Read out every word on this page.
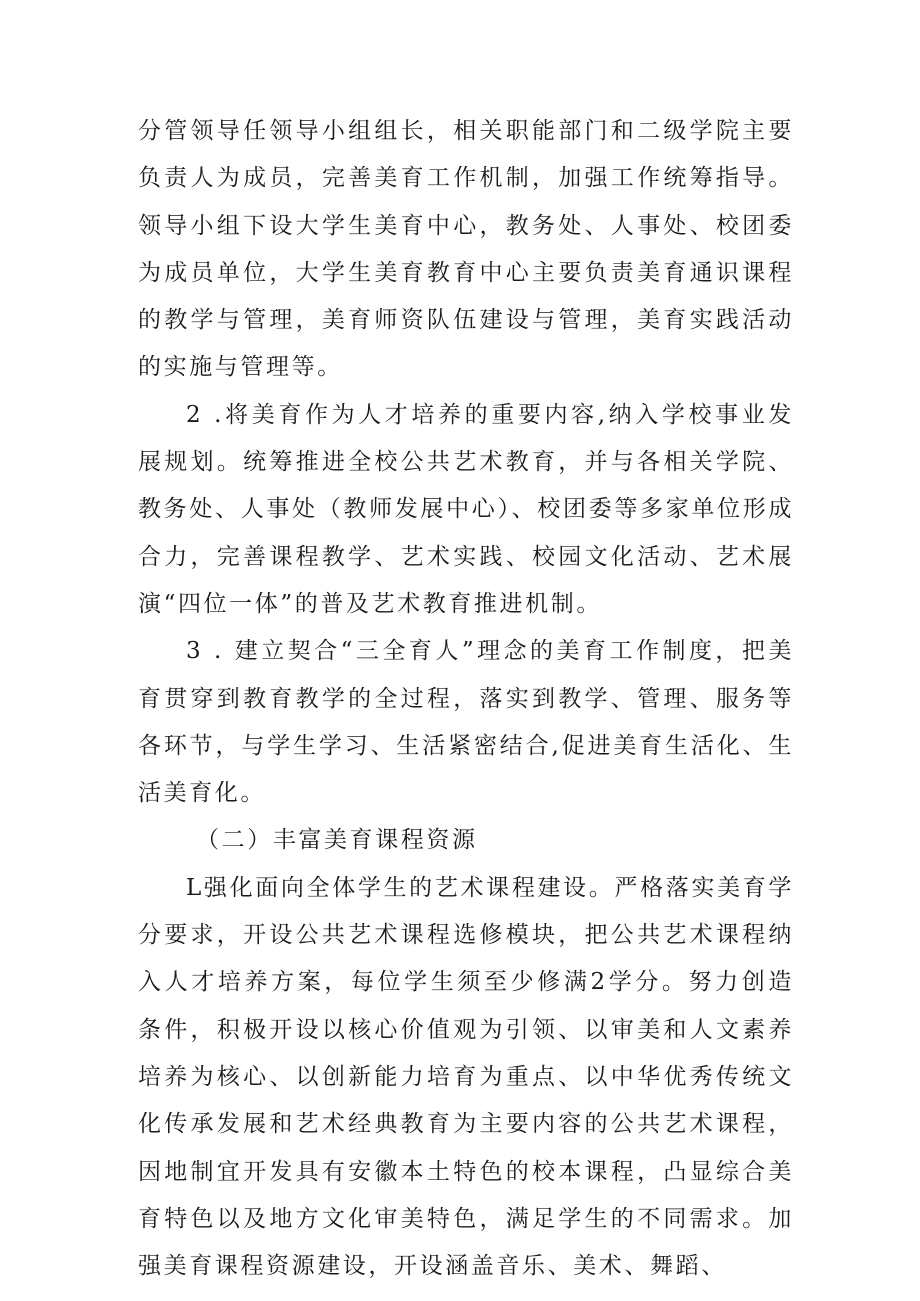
分管领导任领导小组组长，相关职能部门和二级学院主要负责人为成员，完善美育工作机制，加强工作统筹指导。领导小组下设大学生美育中心，教务处、人事处、校团委为成员单位，大学生美育教育中心主要负责美育通识课程的教学与管理，美育师资队伍建设与管理，美育实践活动的实施与管理等。

2 .将美育作为人才培养的重要内容,纳入学校事业发展规划。统筹推进全校公共艺术教育，并与各相关学院、教务处、人事处（教师发展中心）、校团委等多家单位形成合力，完善课程教学、艺术实践、校园文化活动、艺术展演“四位一体”的普及艺术教育推进机制。

3 . 建立契合“三全育人”理念的美育工作制度，把美育贯穿到教育教学的全过程，落实到教学、管理、服务等各环节，与学生学习、生活紧密结合,促进美育生活化、生活美育化。

（二）丰富美育课程资源

L强化面向全体学生的艺术课程建设。严格落实美育学分要求，开设公共艺术课程选修模块，把公共艺术课程纳入人才培养方案，每位学生须至少修满2学分。努力创造条件，积极开设以核心价值观为引领、以审美和人文素养培养为核心、以创新能力培育为重点、以中华优秀传统文化传承发展和艺术经典教育为主要内容的公共艺术课程，因地制宜开发具有安徽本土特色的校本课程，凸显综合美育特色以及地方文化审美特色，满足学生的不同需求。加强美育课程资源建设，开设涵盖音乐、美术、舞蹈、
